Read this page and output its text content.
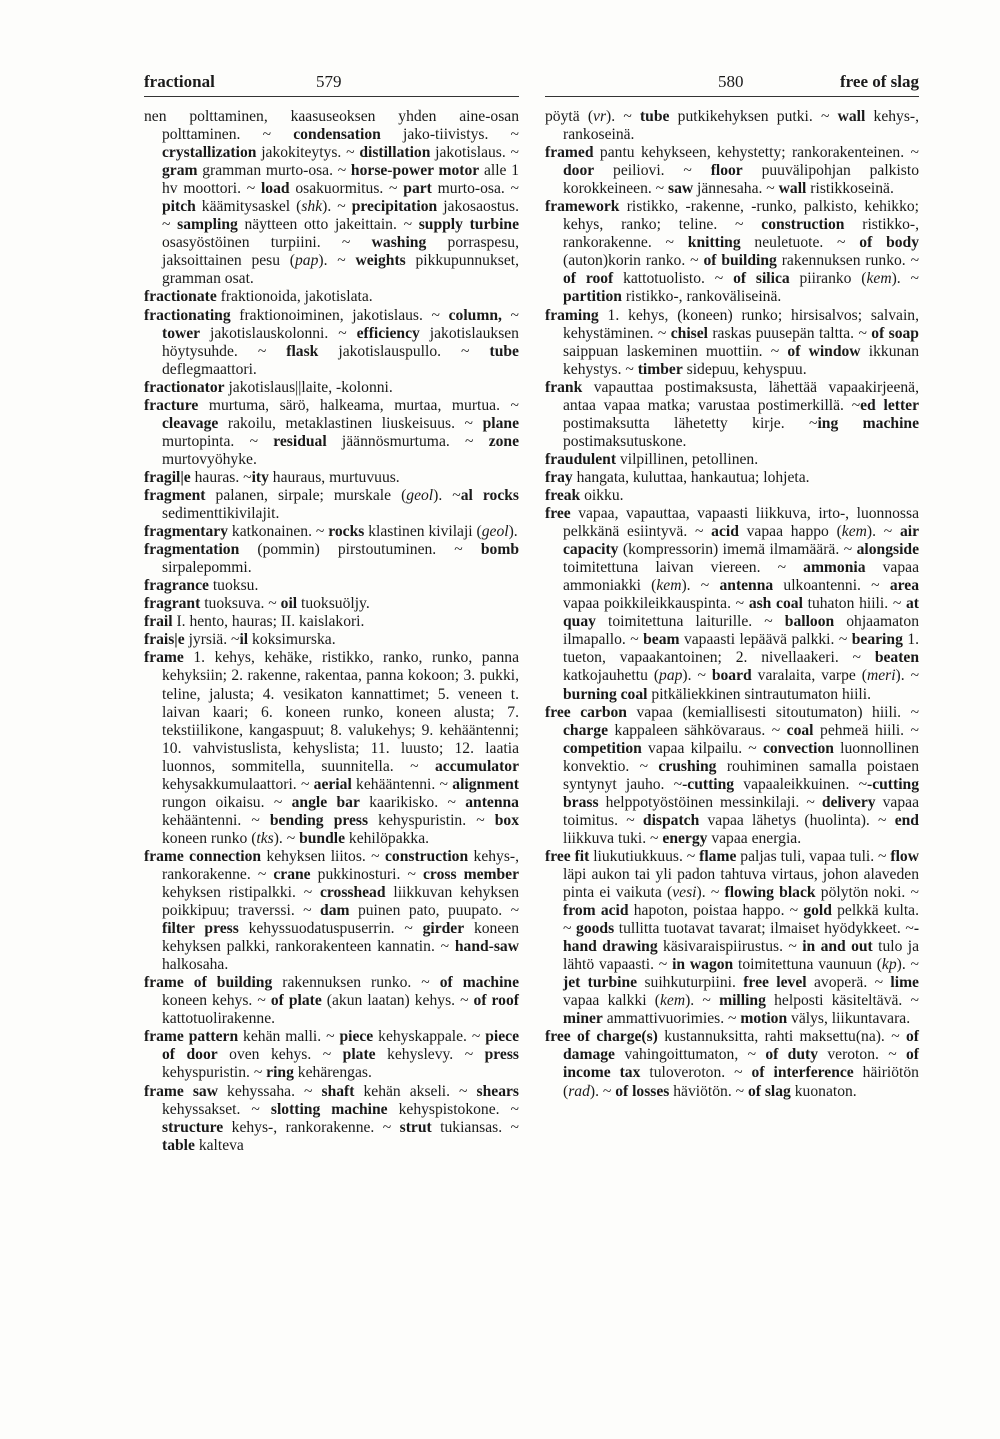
fractional	579	580	free of slag

nen polttaminen, kaasuseoksen yhden aine-osan polttaminen. ~ condensation jako-tiivistys. ~ crystallization jakokiteytys. ~ distillation jakotislaus. ~ gram gramman murto-osa. ~ horse-power motor alle 1 hv moottori. ~ load osakuormitus. ~ part murto-osa. ~ pitch käämitysaskel (shk). ~ precipitation jakosaostus. ~ sampling näytteen otto jakeittain. ~ supply turbine osasyöstöinen turpiini. ~ washing porraspesu, jaksoittainen pesu (pap). ~ weights pikkupunnukset, gramman osat.

fractionate fraktionoida, jakotislata.

fractionating fraktionoiminen, jakotislaus. ~ column, ~ tower jakotislauskolonni. ~ efficiency jakotislauksen höytysuhde. ~ flask jakotislauspullo. ~ tube deflegmaattori.

fractionator jakotislaus||laite, -kolonni.

fracture murtuma, särö, halkeama, murtaa, murtua. ~ cleavage rakoilu, metaklastinen liuskeisuus. ~ plane murtopinta. ~ residual jäännösmurtuma. ~ zone murtovyöhyke.

fragil|e hauras. ~ity hauraus, murtuvuus.

fragment palanen, sirpale; murskale (geol). ~al rocks sedimenttikivilajit.

fragmentary katkonainen. ~ rocks klastinen kivilaji (geol).

fragmentation (pommin) pirstoutuminen. ~ bomb sirpalepommi.

fragrance tuoksu.

fragrant tuoksuva. ~ oil tuoksuöljy.

frail I. hento, hauras; II. kaislakori.

frais|e jyrsiä. ~il koksimurska.

frame 1. kehys, kehäke, ristikko, ranko, runko, panna kehyksiin; 2. rakenne, rakentaa, panna kokoon; 3. pukki, teline, jalusta; 4. vesikaton kannattimet; 5. veneen t. laivan kaari; 6. koneen runko, koneen alusta; 7. tekstiilikone, kangaspuut; 8. valukehys; 9. kehääntenni; 10. vahvistuslista, kehyslista; 11. luusto; 12. laatia luonnos, sommitella, suunnitella. ~ accumulator kehysakkumulaattori. ~ aerial kehääntenni. ~ alignment rungon oikaisu. ~ angle bar kaarikisko. ~ antenna kehääntenni. ~ bending press kehyspuristin. ~ box koneen runko (tks). ~ bundle kehilöpakka.

frame connection kehyksen liitos. ~ construction kehys-, rankorakenne. ~ crane pukkinosturi. ~ cross member kehyksen ristipalkki. ~ crosshead liikkuvan kehyksen poikkipuu; traverssi. ~ dam puinen pato, puupato. ~ filter press kehyssuodatuspuserrin. ~ girder koneen kehyksen palkki, rankorakenteen kannatin. ~ hand-saw halkosaha.

frame of building rakennuksen runko. ~ of machine koneen kehys. ~ of plate (akun laatan) kehys. ~ of roof kattotuolirakenne.

frame pattern kehän malli. ~ piece kehyskappale. ~ piece of door oven kehys. ~ plate kehyslevy. ~ press kehyspuristin. ~ ring kehärengas.

frame saw kehyssaha. ~ shaft kehän akseli. ~ shears kehyssakset. ~ slotting machine kehyspistokone. ~ structure kehys-, rankorakenne. ~ strut tukiansas. ~ table kalteva

pöytä (vr). ~ tube putkikehyksen putki. ~ wall kehys-, rankoseinä.

framed pantu kehykseen, kehystetty; rankorakenteinen. ~ door peiliovi. ~ floor puuvälipohjan palkisto korokkeineen. ~ saw jännesaha. ~ wall ristikkoseinä.

framework ristikko, -rakenne, -runko, palkisto, kehikko; kehys, ranko; teline. ~ construction ristikko-, rankorakenne. ~ knitting neuletuote. ~ of body (auton)korin ranko. ~ of building rakennuksen runko. ~ of roof kattotuolisto. ~ of silica piiranko (kem). ~ partition ristikko-, rankoväliseinä.

framing 1. kehys, (koneen) runko; hirsisalvos; salvain, kehystäminen. ~ chisel raskas puusepän taltta. ~ of soap saippuan laskeminen muottiin. ~ of window ikkunan kehystys. ~ timber sidepuu, kehyspuu.

frank vapauttaa postimaksusta, lähettää vapaakirjeenä, antaa vapaa matka; varustaa postimerkillä. ~ed letter postimaksutta lähetetty kirje. ~ing machine postimaksutuskone.

fraudulent vilpillinen, petollinen.

fray hangata, kuluttaa, hankautua; lohjeta.

freak oikku.

free vapaa, vapauttaa, vapaasti liikkuva, irto-, luonnossa pelkkänä esiintyvä. ~ acid vapaa happo (kem). ~ air capacity (kompressorin) imemä ilmamäärä. ~ alongside toimitettuna laivan viereen. ~ ammonia vapaa ammoniakki (kem). ~ antenna ulkoantenni. ~ area vapaa poikkileikkauspinta. ~ ash coal tuhaton hiili. ~ at quay toimitettuna laiturille. ~ balloon ohjaamaton ilmapallo. ~ beam vapaasti lepäävä palkki. ~ bearing 1. tueton, vapaakantoinen; 2. nivellaakeri. ~ beaten katkojauhettu (pap). ~ board varalaita, varpe (meri). ~ burning coal pitkäliekkinen sintrautumaton hiili.

free carbon vapaa (kemiallisesti sitoutumaton) hiili. ~ charge kappaleen sähkövaraus. ~ coal pehmeä hiili. ~ competition vapaa kilpailu. ~ convection luonnollinen konvektio. ~ crushing rouhiminen samalla poistaen syntynyt jauho. ~-cutting vapaaleikkuinen. ~-cutting brass helppotyöstöinen messinkilaji. ~ delivery vapaa toimitus. ~ dispatch vapaa lähetys (huolinta). ~ end liikkuva tuki. ~ energy vapaa energia.

free fit liukutiukkuus. ~ flame paljas tuli, vapaa tuli. ~ flow läpi aukon tai yli padon tahtuva virtaus, johon alaveden pinta ei vaikuta (vesi). ~ flowing black pölytön noki. ~ from acid hapoton, poistaa happo. ~ gold pelkkä kulta. ~ goods tullitta tuotavat tavarat; ilmaiset hyödykkeet. ~-hand drawing käsivaraispiirustus. ~ in and out tulo ja lähtö vapaasti. ~ in wagon toimitettuna vaunuun (kp). ~ jet turbine suihkuturpiini. free level avoperä. ~ lime vapaa kalkki (kem). ~ milling helposti käsiteltävä. ~ miner ammattivuorimies. ~ motion välys, liikuntavara.

free of charge(s) kustannuksitta, rahti maksettu(na). ~ of damage vahingoittumaton, ~ of duty veroton. ~ of income tax tuloveroton. ~ of interference häiriötön (rad). ~ of losses häviötön. ~ of slag kuonaton.
